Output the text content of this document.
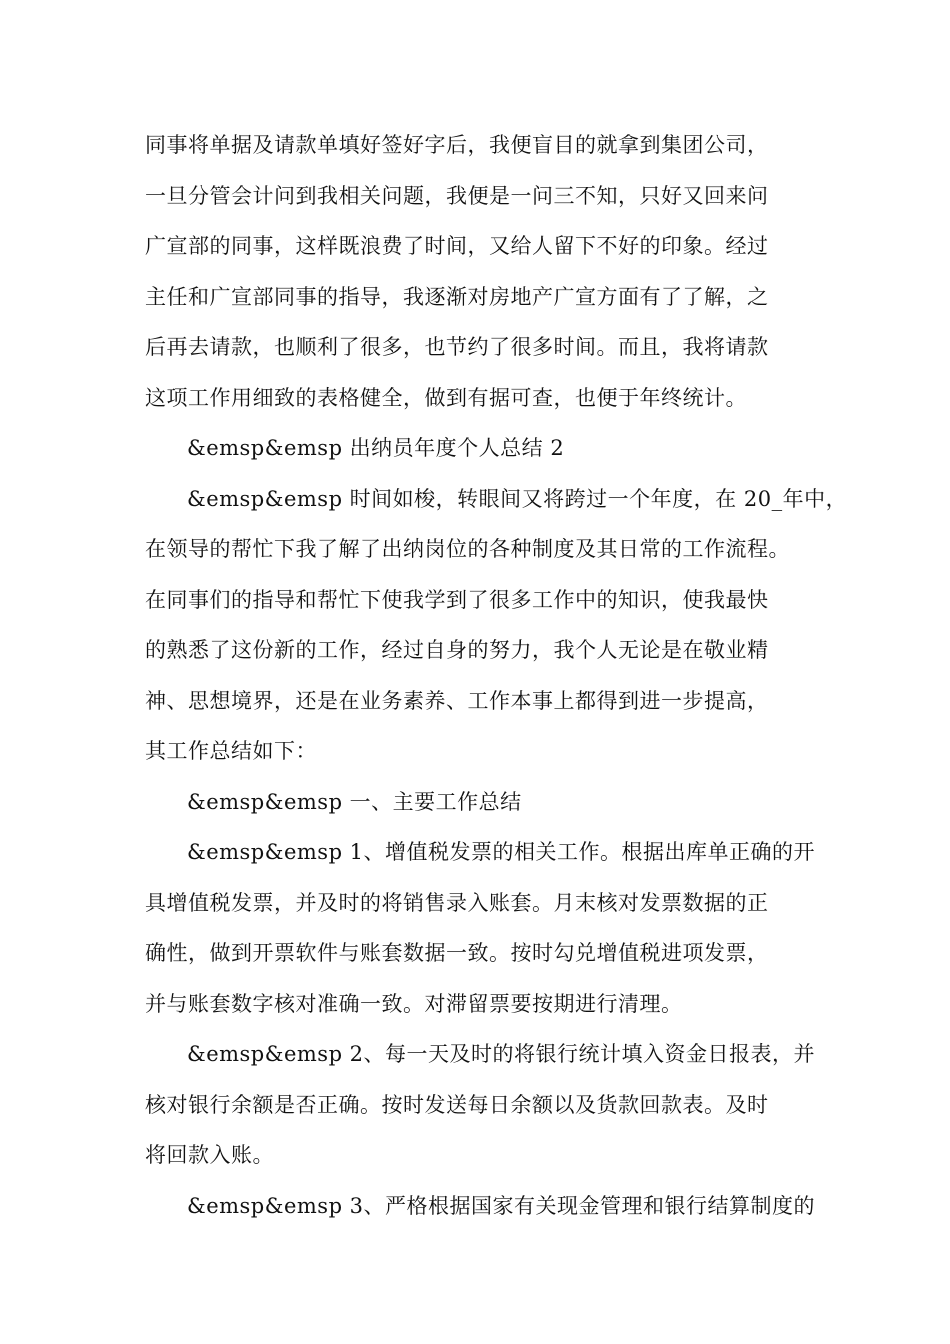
同事将单据及请款单填好签好字后，我便盲目的就拿到集团公司，
一旦分管会计问到我相关问题，我便是一问三不知，只好又回来问
广宣部的同事，这样既浪费了时间，又给人留下不好的印象。经过
主任和广宣部同事的指导，我逐渐对房地产广宣方面有了了解，之
后再去请款，也顺利了很多，也节约了很多时间。而且，我将请款
这项工作用细致的表格健全，做到有据可查，也便于年终统计。
&emsp&emsp 出纳员年度个人总结 2
&emsp&emsp 时间如梭，转眼间又将跨过一个年度，在 20_年中，
在领导的帮忙下我了解了出纳岗位的各种制度及其日常的工作流程。
在同事们的指导和帮忙下使我学到了很多工作中的知识，使我最快
的熟悉了这份新的工作，经过自身的努力，我个人无论是在敬业精
神、思想境界，还是在业务素养、工作本事上都得到进一步提高，
其工作总结如下：
&emsp&emsp 一、主要工作总结
&emsp&emsp 1、增值税发票的相关工作。根据出库单正确的开
具增值税发票，并及时的将销售录入账套。月末核对发票数据的正
确性，做到开票软件与账套数据一致。按时勾兑增值税进项发票，
并与账套数字核对准确一致。对滞留票要按期进行清理。
&emsp&emsp 2、每一天及时的将银行统计填入资金日报表，并
核对银行余额是否正确。按时发送每日余额以及货款回款表。及时
将回款入账。
&emsp&emsp 3、严格根据国家有关现金管理和银行结算制度的
